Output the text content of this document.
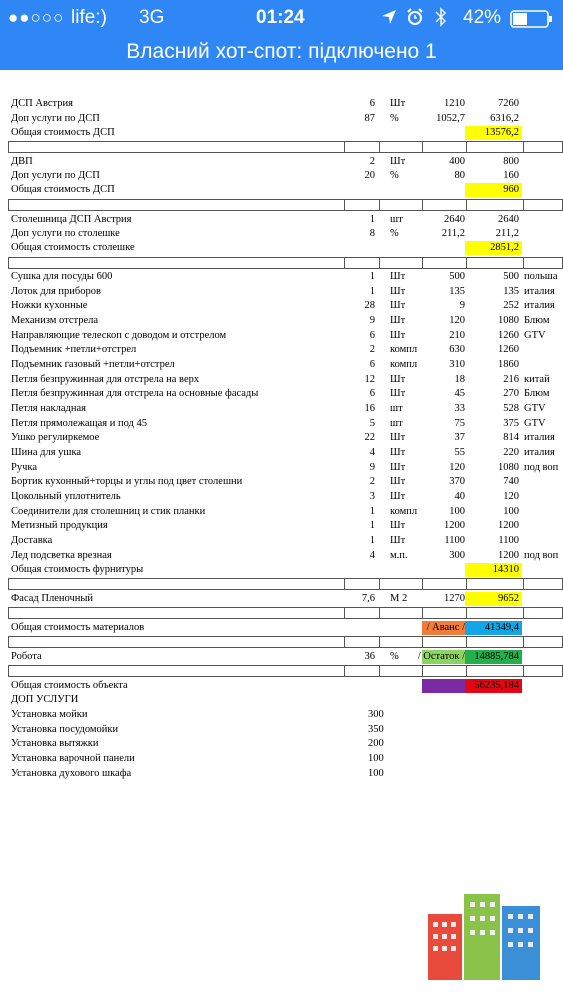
●●○○○ life:) 3G	01:24	42%
Власний хот-спот: підключено 1
ДСП Австрия	6 Шт	1210	7260
Доп услуги по ДСП	87 %	1052,7 6316,2
Общая стоимость ДСП	13576,2
ДВП	2 Шт	400	800
Доп услуги по ДСП	20 %	80	160
Общая стоимость ДСП	960
Столешница ДСП Австрия	1 шт	2640	2640
Доп услуги по столешке	8 %	211,2	211,2
Общая стоимость столешке	2851,2
Сушка для посуды 600	1 Шт	500	500 польша
Лоток для приборов	1 Шт	135	135 италия
Ножки кухонные	28 Шт	9	252 италия
Механизм отстрела	9 Шт	120	1080 Блюм
Направляющие телескоп с доводом и отстрелом	6 Шт	210	1260 GTV
Подъемник +петли+отстрел	2 компл	630	1260
Подъемник газовый +петли+отстрел	6 компл	310	1860
Петля безпружинная для отстрела на верх	12 Шт	18	216 китай
Петля безпружинная для отстрела на основные фасады	6 Шт	45	270 Блюм
Петля накладная	16 шт	33	528 GTV
Петля прямолежащая и под 45	5 шт	75	375 GTV
Ушко регулиркемое	22 Шт	37	814 италия
Шина для ушка	4 Шт	55	220 италия
Ручка	9 Шт	120	1080 под воп
Бортик кухонный+торцы и углы под цвет столешни	2 Шт	370	740
Цокольный уплотнитель	3 Шт	40	120
Соединители для столешниц и стик планки	1 компл	100	100
Метизный продукция	1 Шт	1200	1200
Доставка	1 Шт	1100	1100
Лед подсветка врезная	4 м.п.	300	1200 под воп
Общая стоимость фурнитуры	14310
Фасад Пленочный	7,6 М 2	1270	9652
Общая стоимость материалов	/ Аванс / 41349,4
Робота	36 % / Остаток / 14885,784
Общая стоимость объекта	56235,184
ДОП УСЛУГИ
Установка мойки	300
Установка посудомойки	350
Установка вытяжки	200
Установка варочной панели	100
Установка духового шкафа	100
